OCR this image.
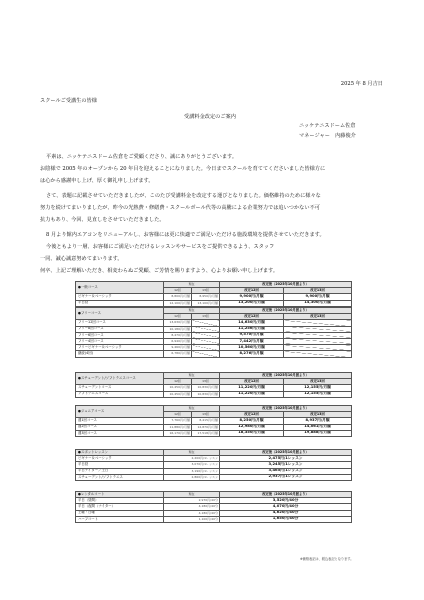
2025 年 8 月吉日
スクールご受講生の皆様
受講料金改定のご案内
ニッケテニスドーム佐倉
マネージャー　内藤俊介
平素は、ニッケテニスドーム佐倉をご愛顧くださり、誠にありがとうございます。
お陰様で 2005 年のオープンから 20 年目を迎えることになりました。今日までスクールを育ててくださいました皆様方に
は心から感謝申し上げ、厚く御礼申し上げます。
さて、表題に記載させていただきましたが、このたび受講料金を改定する運びとなりました。価格維持のために様々な
努力を続けてまいりましたが、昨今の光熱費・修繕費・スクールボール代等の高騰による企業努力では追いつかない不可
抗力もあり、今回、見直しをさせていただきました。
8 月より館内エアコンをリニューアルし、お客様には更に快適でご満足いただける施設環境を提供させていただきます。
今後ともより一層、お客様にご満足いただけるレッスンやサービスをご提供できるよう、スタッフ
一同、誠心誠意努めてまいります。
何卒、上記ご理解いただき、相変わらぬご愛顧、ご芳情を賜りますよう、心よりお願い申し上げます。
●一般コース	現在		改定後（2025年10月振より）	
	12回	13回	改定12回	改定13回
ビギナー＆ベーシック	8,800円/月額	8,950円/月額	9,900円/月額	9,900円/月額
平日昼	12,100円/月額	13,100円/月額	13,200円/月額	14,300円/月額

●フリーコース	現在		改定後（2025年10月振より）	
	12回	13回	改定12回	改定13回
フリー12回コース	13,630円/月額		14,630円/月額	
フリー8回コース	10,180円/月額		11,256円/月額	
フリー6回コース	8,470円/月額		9,570円/月額	
フリー4回コース	6,940円/月額		7,442円/月額	
フリービギナー＆ベーシック	9,460円/月額		10,560円/月額	
継続(4回)	6,780円/月額		8,276円/月額	
●スチューデント/ソフトテニスコース	現在		改定後（2025年10月振より）	
	12回	13回	改定12回	改定13回
スチューデントコース	10,450円/月額	10,830円/月額	11,220円/月額	12,155円/月額
ソフトテニスコース	10,450円/月額	10,830円/月額	11,220円/月額	12,155円/月額
●ジュニアコース	現在		改定後（2025年10月振より）	
	12回	13回	改定12回	改定13回
週1回コース	7,760円/月額	8,415円/月額	8,250円/月額	8,937円/月額
週2回コース	11,880円/月額	12,870円/月額	12,980円/月額	14,061円/月額
週3回コース	16,170円/月額	17,518円/月額	18,350円/月額	19,888円/月額
●スポットレッスン	現在	改定後（2025年10月振より）
ビギナー＆ベーシック	2,200円/1レッスン	2,475円/1レッスン
平日昼	3,070円/1レッスン	3,245円/1レッスン
平日ナイター／土日	3,190円/1レッスン	3,465円/1レッスン
スチューデント/ソフトテニス	2,860円/1レッスン	2,937円/1レッスン
●レンタルコート	現在	改定後（2025年10月振より）
平日（昼間）	2,970円/40分	3,520円/40分
平日（夜間（ナイター）	4,180円/40分	4,070円/40分
土曜・日曜	4,180円/40分	4,620円/40分
ハーフコート	1,100円/40分	1,650円/40分
※価格表記は、税込表記となります。
